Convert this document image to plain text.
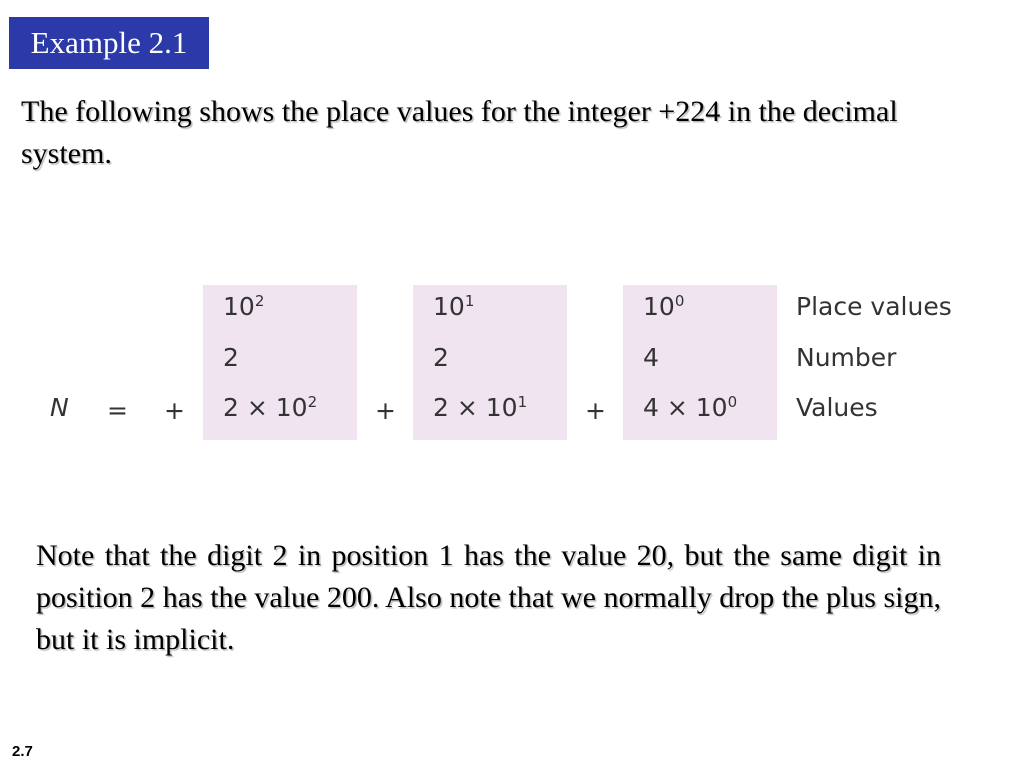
Example 2.1
The following shows the place values for the integer +224 in the decimal system.
$10^2$
2
$2 \times 10^2$
$10^1$
2
$2 \times 10^1$
$10^0$
4
$4 \times 10^0$
N = +	+	+
Place values
Number
Values
Note that the digit 2 in position 1 has the value 20, but the same digit in position 2 has the value 200. Also note that we normally drop the plus sign, but it is implicit.
2.7
